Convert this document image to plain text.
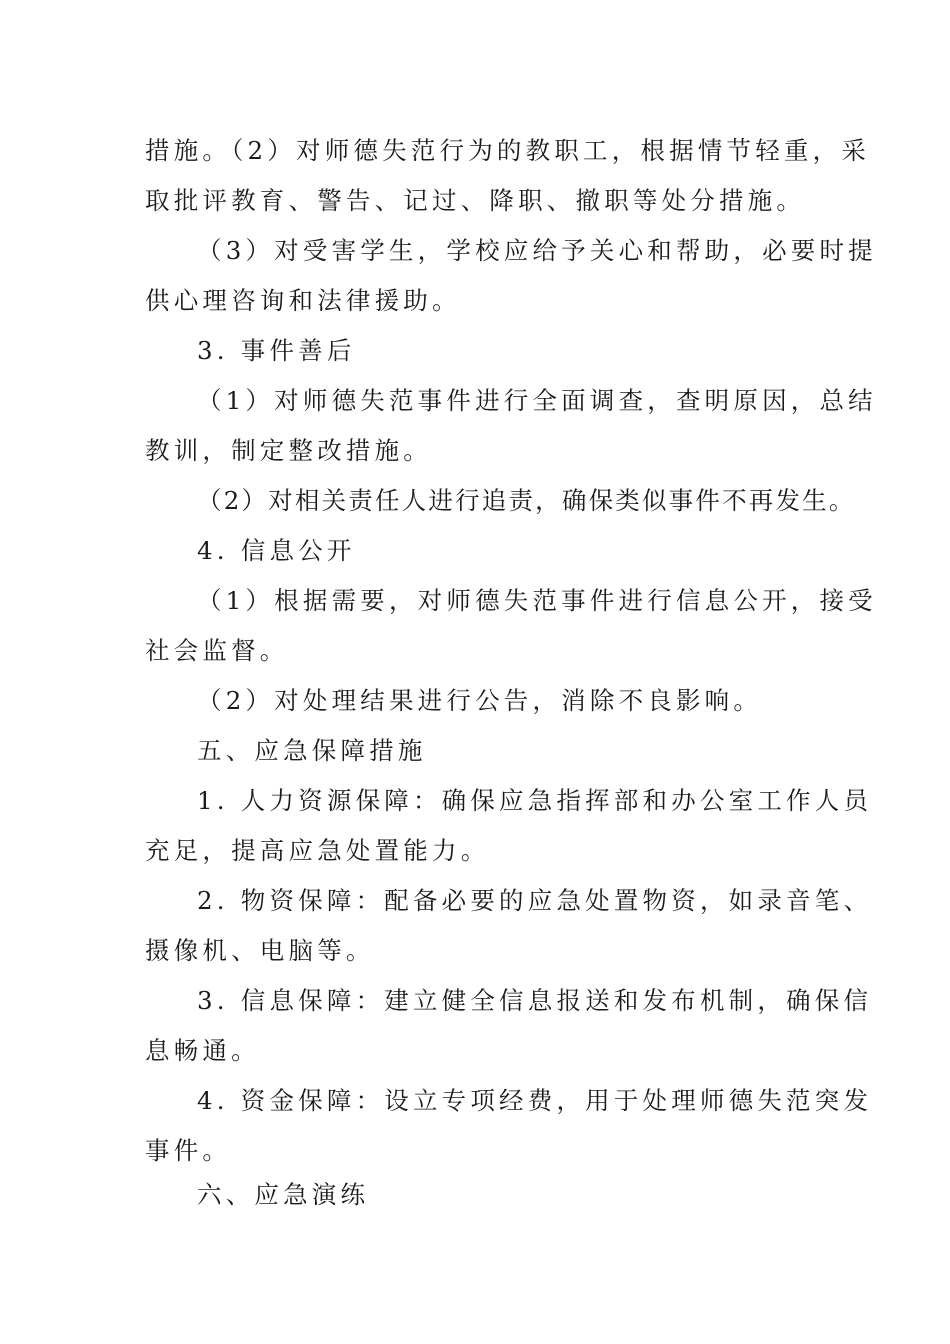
措施。（2）对师德失范行为的教职工，根据情节轻重，采
取批评教育、警告、记过、降职、撤职等处分措施。
（3）对受害学生，学校应给予关心和帮助，必要时提
供心理咨询和法律援助。
3. 事件善后
（1）对师德失范事件进行全面调查，查明原因，总结
教训，制定整改措施。
（2）对相关责任人进行追责，确保类似事件不再发生。
4. 信息公开
（1）根据需要，对师德失范事件进行信息公开，接受
社会监督。
（2）对处理结果进行公告，消除不良影响。
五、应急保障措施
1. 人力资源保障：确保应急指挥部和办公室工作人员
充足，提高应急处置能力。
2. 物资保障：配备必要的应急处置物资，如录音笔、
摄像机、电脑等。
3. 信息保障：建立健全信息报送和发布机制，确保信
息畅通。
4. 资金保障：设立专项经费，用于处理师德失范突发
事件。
六、应急演练
